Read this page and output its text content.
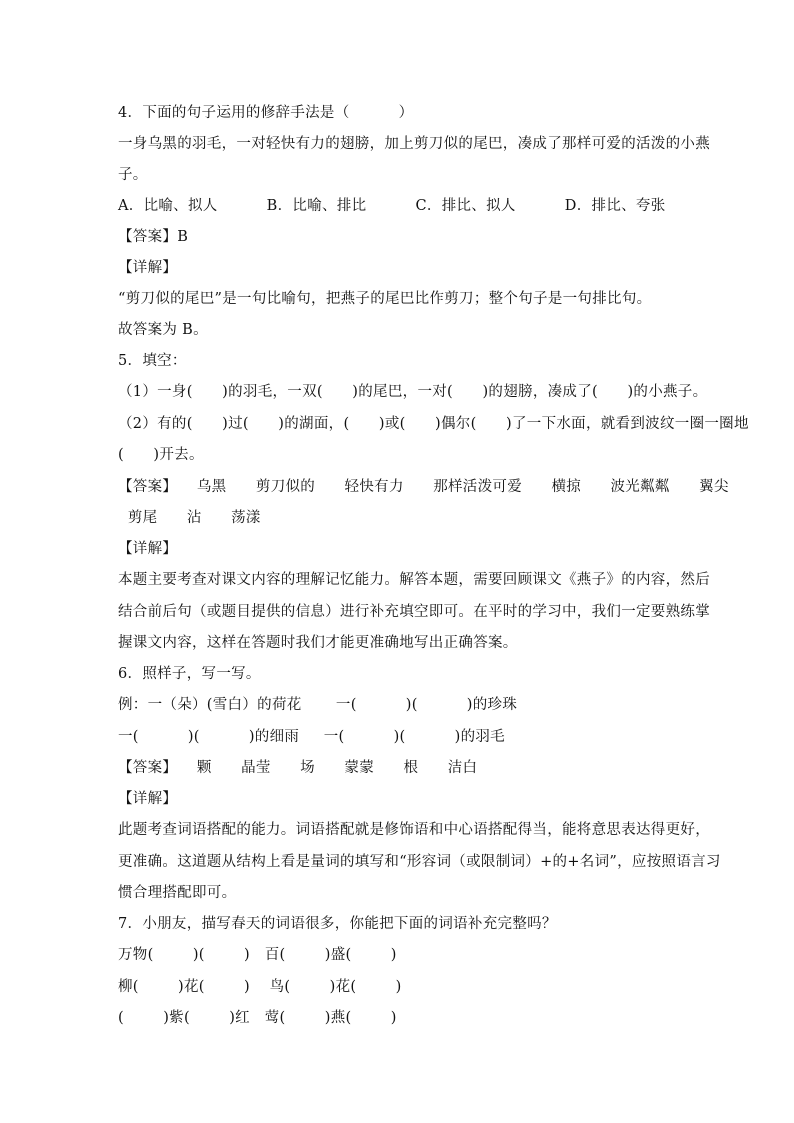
4．下面的句子运用的修辞手法是（          ）
一身乌黑的羽毛，一对轻快有力的翅膀，加上剪刀似的尾巴，凑成了那样可爱的活泼的小燕
子。
A．比喻、拟人          B．比喻、排比          C．排比、拟人          D．排比、夸张
【答案】B
【详解】
“剪刀似的尾巴”是一句比喻句，把燕子的尾巴比作剪刀；整个句子是一句排比句。
故答案为 B。
5．填空：
（1）一身(      )的羽毛，一双(      )的尾巴，一对(      )的翅膀，凑成了(      )的小燕子。
（2）有的(      )过(      )的湖面，(      )或(      )偶尔(      )了一下水面，就看到波纹一圈一圈地
(      )开去。
【答案】    乌黑      剪刀似的      轻快有力      那样活泼可爱      横掠      波光粼粼      翼尖
剪尾      沾      荡漾
【详解】
本题主要考查对课文内容的理解记忆能力。解答本题，需要回顾课文《燕子》的内容，然后
结合前后句（或题目提供的信息）进行补充填空即可。在平时的学习中，我们一定要熟练掌
握课文内容，这样在答题时我们才能更准确地写出正确答案。
6．照样子，写一写。
例：一（朵）(雪白）的荷花       一(          )(          )的珍珠
一(          )(          )的细雨     一(          )(          )的羽毛
【答案】    颗      晶莹      场      蒙蒙      根      洁白
【详解】
此题考查词语搭配的能力。词语搭配就是修饰语和中心语搭配得当，能将意思表达得更好，
更准确。这道题从结构上看是量词的填写和“形容词（或限制词）+的+名词”，应按照语言习
惯合理搭配即可。
7．小朋友，描写春天的词语很多，你能把下面的词语补充完整吗？
万物(        )(        )   百(        )盛(        )
柳(        )花(        )    鸟(        )花(        )
(        )紫(        )红   莺(        )燕(        )
